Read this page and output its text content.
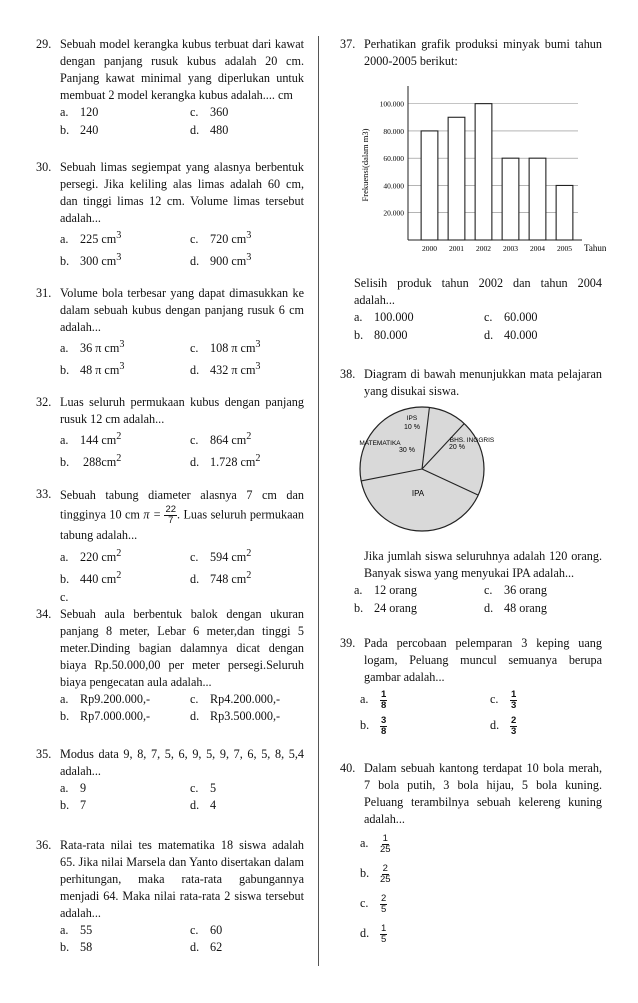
29. Sebuah model kerangka kubus terbuat dari kawat dengan panjang rusuk kubus adalah 20 cm. Panjang kawat minimal yang diperlukan untuk membuat 2 model kerangka kubus adalah.... cm
a. 120	c. 360
b. 240	d. 480
30. Sebuah limas segiempat yang alasnya berbentuk persegi. Jika keliling alas limas adalah 60 cm, dan tinggi limas 12 cm. Volume limas tersebut adalah...
a. 225 $cm^3$	c. 720 $cm^3$
b. 300 $cm^3$	d. 900 $cm^3$
31. Volume bola terbesar yang dapat dimasukkan ke dalam sebuah kubus dengan panjang rusuk 6 cm adalah...
a. 36 π $cm^3$	c. 108 π $cm^3$
b. 48 π $cm^3$	d. 432 π $cm^3$
32. Luas seluruh permukaan kubus dengan panjang rusuk 12 cm adalah...
a. 144 $cm^2$	c. 864 $cm^2$
b. $288cm^2$	d. 1.728 $cm^2$
33. Sebuah tabung diameter alasnya 7 cm dan tingginya 10 cm $\pi = \frac{22}{7}$ . Luas seluruh permukaan tabung adalah...
a. 220 $cm^2$	c. 594 $cm^2$
b. 440 $cm^2$	d. 748 $cm^2$
c.
34. Sebuah aula berbentuk balok dengan ukuran panjang 8 meter, Lebar 6 meter,dan tinggi 5 meter.Dinding bagian dalamnya dicat dengan biaya Rp.50.000,00 per meter persegi.Seluruh biaya pengecatan aula adalah...
a. Rp9.200.000,-	c. Rp4.200.000,-
b. Rp7.000.000,-	d. Rp3.500.000,-
35. Modus data 9, 8, 7, 5, 6, 9, 5, 9, 7, 6, 5, 8, 5,4 adalah...
a. 9	c. 5
b. 7	d. 4
36. Rata-rata nilai tes matematika 18 siswa adalah 65. Jika nilai Marsela dan Yanto disertakan dalam perhitungan, maka rata-rata gabungannya menjadi 64. Maka nilai rata-rata 2 siswa tersebut adalah...
a. 55	c. 60
b. 58	d. 62
37. Perhatikan grafik produksi minyak bumi tahun 2000-2005 berikut:
Frekuensi(dalam m3)
20.000
40.000
60.000
80.000
100.000
2000 2001 2002 2003 2004 2005 Tahun
Selisih produk tahun 2002 dan tahun 2004 adalah...
a. 100.000	c. 60.000
b. 80.000	d. 40.000
38. Diagram di bawah menunjukkan mata pelajaran yang disukai siswa.
IPS
10 %
BHS. INGGRIS
20 %
IPA
MATEMATIKA
30 %
Jika jumlah siswa seluruhnya adalah 120 orang. Banyak siswa yang menyukai IPA adalah...
a. 12 orang	c. 36 orang
b. 24 orang	d. 48 orang
39. Pada percobaan pelemparan 3 keping uang logam, Peluang muncul semuanya berupa gambar adalah...
a. $\frac{1}{8}$	c. $\frac{1}{3}$
b. $\frac{3}{8}$	d. $\frac{2}{3}$
40. Dalam sebuah kantong terdapat 10 bola merah, 7 bola putih, 3 bola hijau, 5 bola kuning. Peluang terambilnya sebuah kelereng kuning adalah...
a. $\frac{1}{25}$
b. $\frac{2}{25}$
c. $\frac{2}{5}$
d. $\frac{1}{5}$
